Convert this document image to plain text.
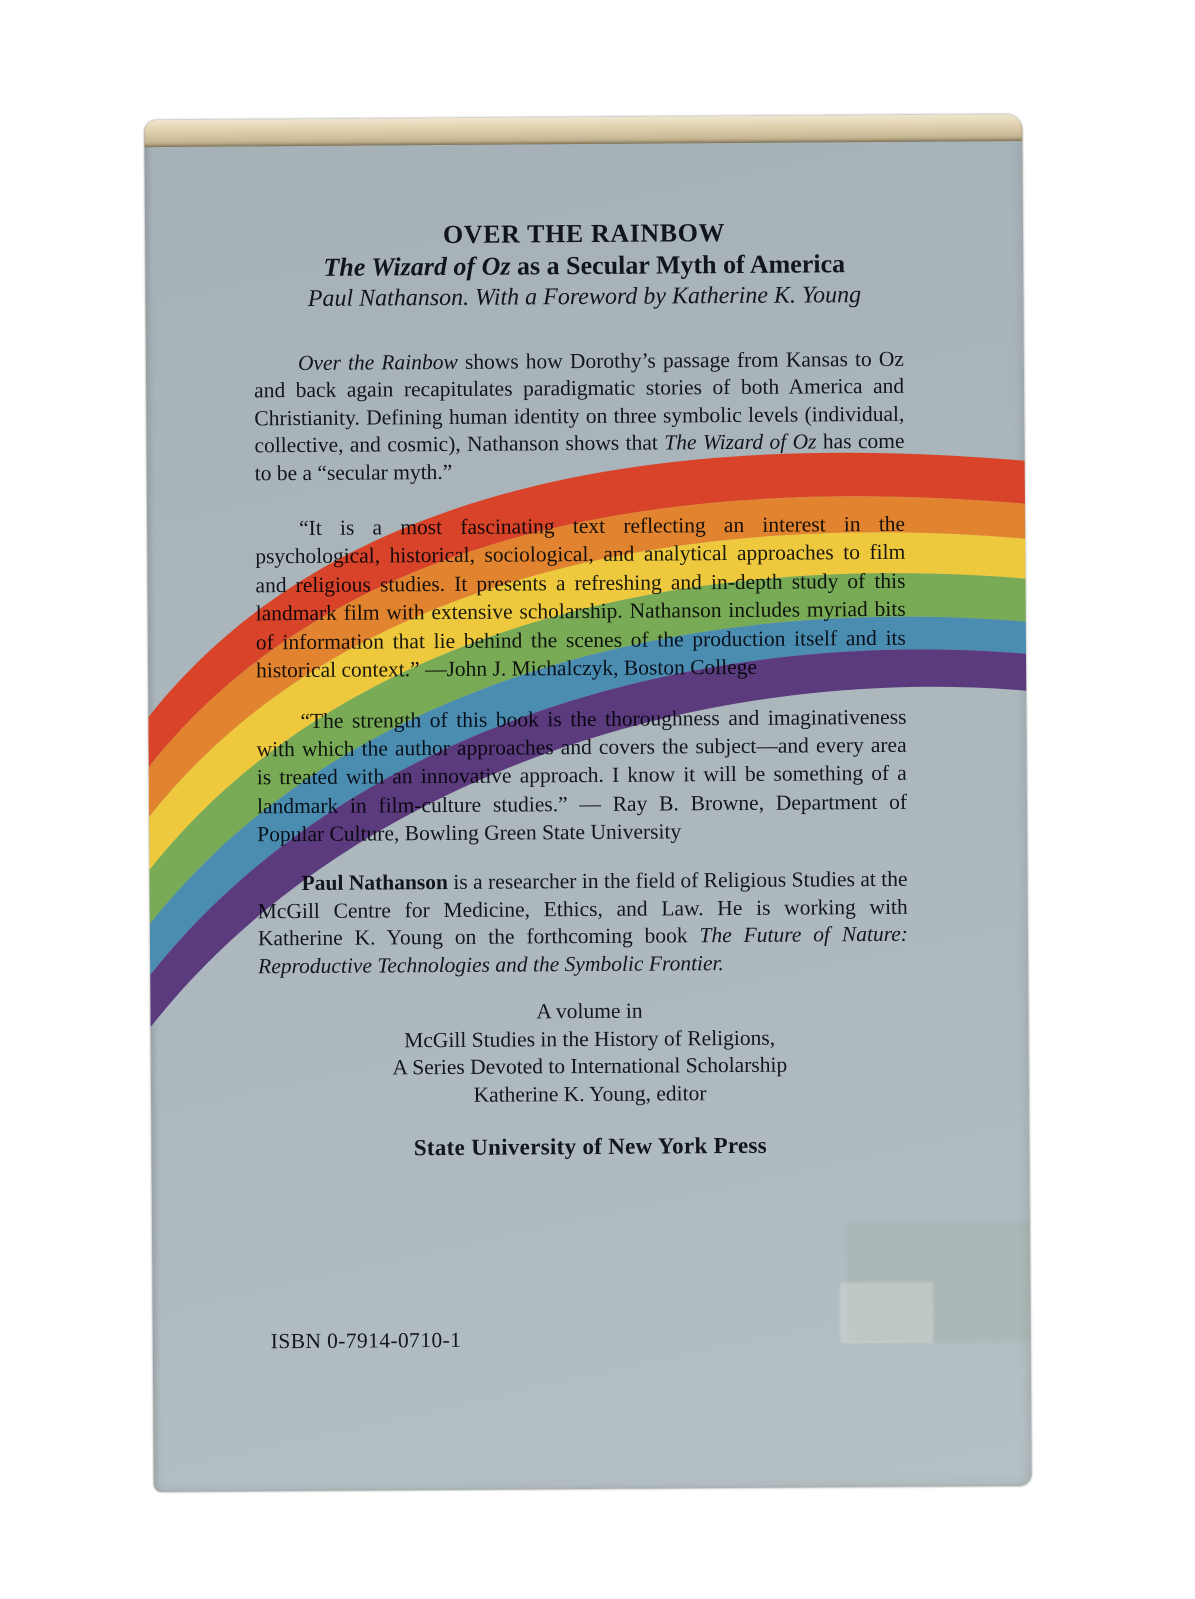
OVER THE RAINBOW
The Wizard of Oz as a Secular Myth of America
Paul Nathanson. With a Foreword by Katherine K. Young
Over the Rainbow shows how Dorothy’s passage from Kansas to Oz and back again recapitulates paradigmatic stories of both America and Christianity. Defining human identity on three symbolic levels (individual, collective, and cosmic), Nathanson shows that The Wizard of Oz has come to be a “secular myth.”
“It is a most fascinating text reflecting an interest in the psychological, historical, sociological, and analytical approaches to film and religious studies. It presents a refreshing and in-depth study of this landmark film with extensive scholarship. Nathanson includes myriad bits of information that lie behind the scenes of the production itself and its historical context.” —John J. Michalczyk, Boston College
“The strength of this book is the thoroughness and imaginativeness with which the author approaches and covers the subject—and every area is treated with an innovative approach. I know it will be something of a landmark in film-culture studies.” — Ray B. Browne, Department of Popular Culture, Bowling Green State University
Paul Nathanson is a researcher in the field of Religious Studies at the McGill Centre for Medicine, Ethics, and Law. He is working with Katherine K. Young on the forthcoming book The Future of Nature: Reproductive Technologies and the Symbolic Frontier.
A volume in
McGill Studies in the History of Religions,
A Series Devoted to International Scholarship
Katherine K. Young, editor
State University of New York Press
ISBN 0-7914-0710-1
